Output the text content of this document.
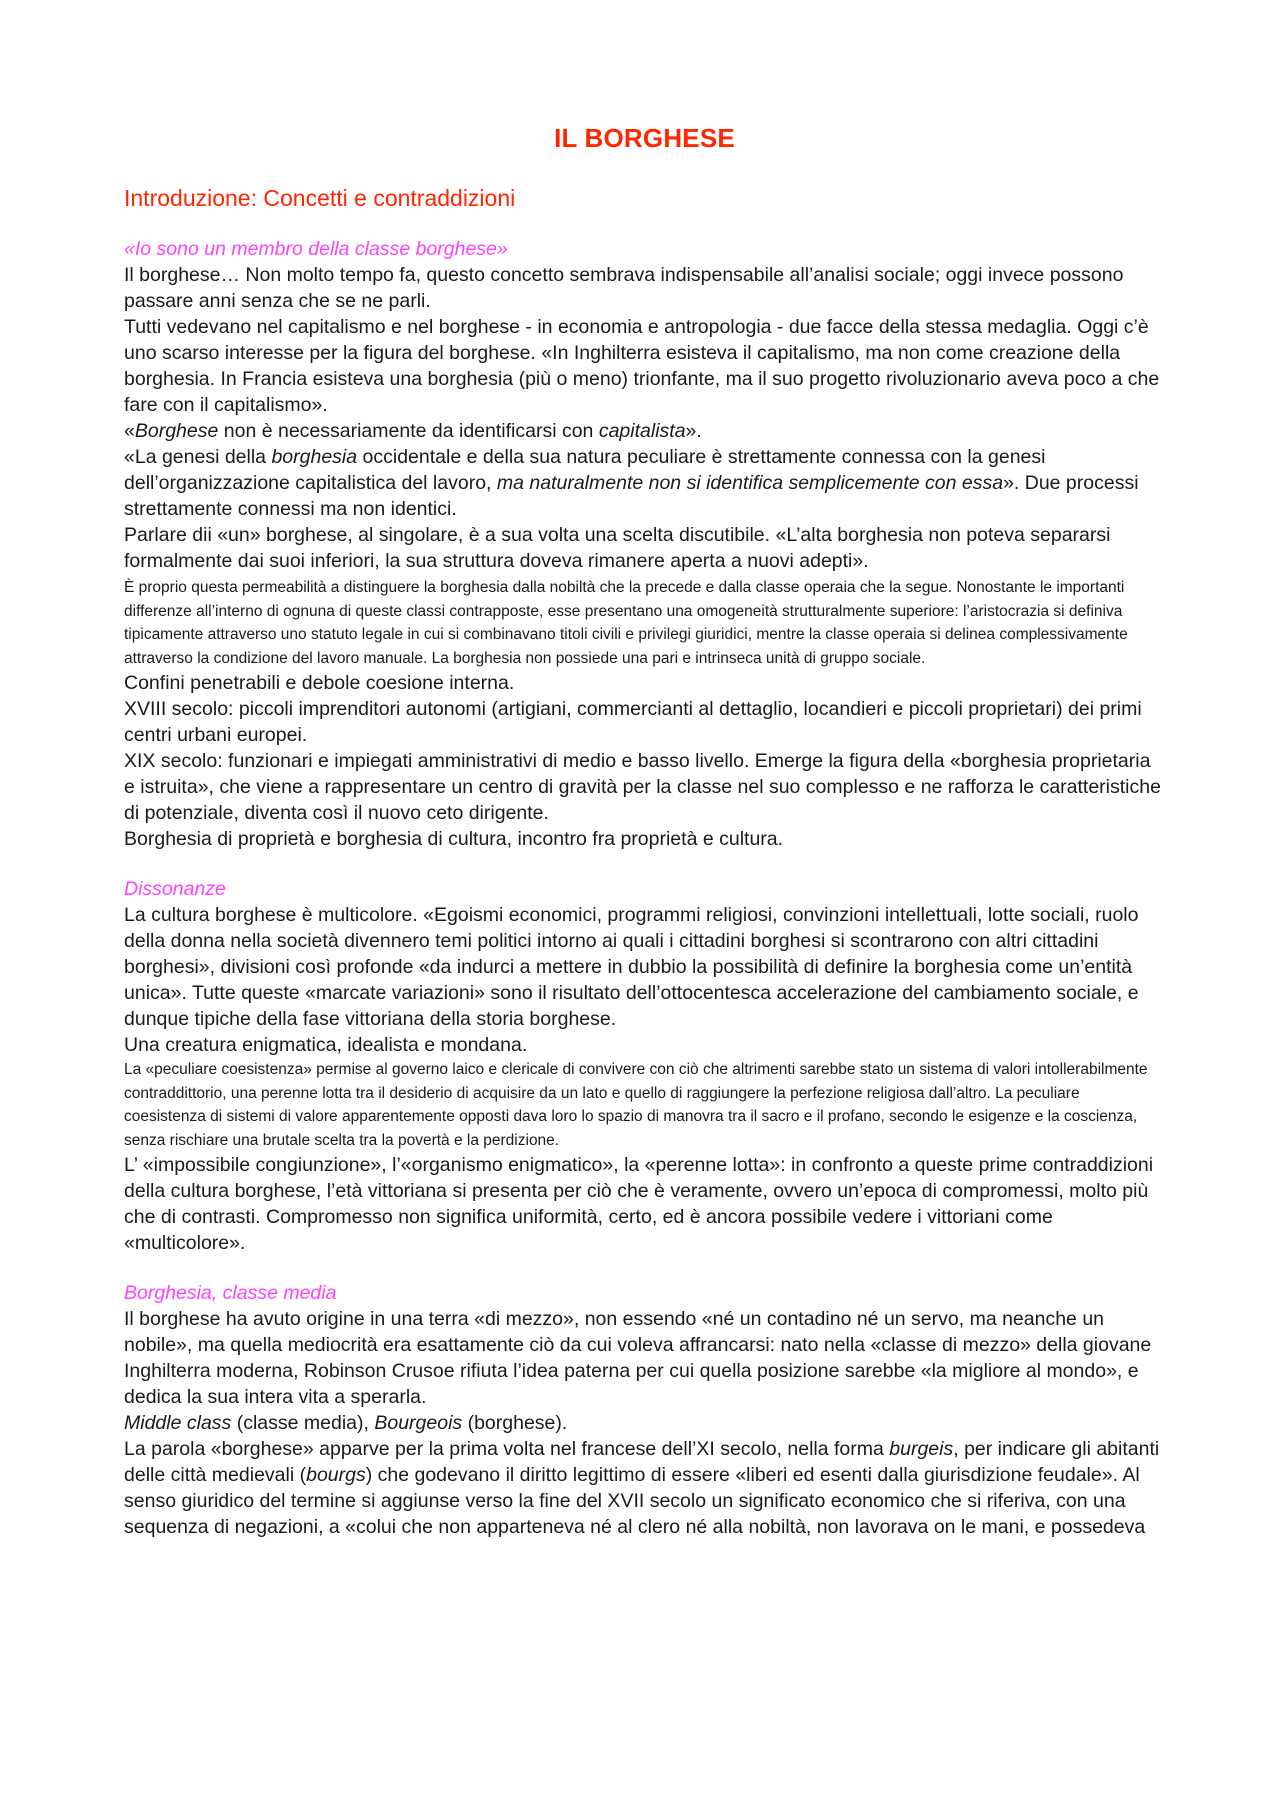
IL BORGHESE
Introduzione: Concetti e contraddizioni
«Io sono un membro della classe borghese»

Il borghese… Non molto tempo fa, questo concetto sembrava indispensabile all’analisi sociale; oggi invece possono passare anni senza che se ne parli.

Tutti vedevano nel capitalismo e nel borghese - in economia e antropologia - due facce della stessa medaglia. Oggi c’è uno scarso interesse per la figura del borghese. «In Inghilterra esisteva il capitalismo, ma non come creazione della borghesia. In Francia esisteva una borghesia (più o meno) trionfante, ma il suo progetto rivoluzionario aveva poco a che fare con il capitalismo».

«Borghese non è necessariamente da identificarsi con capitalista».

«La genesi della borghesia occidentale e della sua natura peculiare è strettamente connessa con la genesi dell’organizzazione capitalistica del lavoro, ma naturalmente non si identifica semplicemente con essa». Due processi strettamente connessi ma non identici.

Parlare dii «un» borghese, al singolare, è a sua volta una scelta discutibile. «L’alta borghesia non poteva separarsi formalmente dai suoi inferiori, la sua struttura doveva rimanere aperta a nuovi adepti».

È proprio questa permeabilità a distinguere la borghesia dalla nobiltà che la precede e dalla classe operaia che la segue. Nonostante le importanti differenze all’interno di ognuna di queste classi contrapposte, esse presentano una omogeneità strutturalmente superiore: l’aristocrazia si definiva tipicamente attraverso uno statuto legale in cui si combinavano titoli civili e privilegi giuridici, mentre la classe operaia si delinea complessivamente attraverso la condizione del lavoro manuale. La borghesia non possiede una pari e intrinseca unità di gruppo sociale.

Confini penetrabili e debole coesione interna.

XVIII secolo: piccoli imprenditori autonomi (artigiani, commercianti al dettaglio, locandieri e piccoli proprietari) dei primi centri urbani europei.

XIX secolo: funzionari e impiegati amministrativi di medio e basso livello. Emerge la figura della «borghesia proprietaria e istruita», che viene a rappresentare un centro di gravità per la classe nel suo complesso e ne rafforza le caratteristiche di potenziale, diventa così il nuovo ceto dirigente.

Borghesia di proprietà e borghesia di cultura, incontro fra proprietà e cultura.

Dissonanze

La cultura borghese è multicolore. «Egoismi economici, programmi religiosi, convinzioni intellettuali, lotte sociali, ruolo della donna nella società divennero temi politici intorno ai quali i cittadini borghesi si scontrarono con altri cittadini borghesi», divisioni così profonde «da indurci a mettere in dubbio la possibilità di definire la borghesia come un’entità unica». Tutte queste «marcate variazioni» sono il risultato dell’ottocentesca accelerazione del cambiamento sociale, e dunque tipiche della fase vittoriana della storia borghese.

Una creatura enigmatica, idealista e mondana.

La «peculiare coesistenza» permise al governo laico e clericale di convivere con ciò che altrimenti sarebbe stato un sistema di valori intollerabilmente contraddittorio, una perenne lotta tra il desiderio di acquisire da un lato e quello di raggiungere la perfezione religiosa dall’altro. La peculiare coesistenza di sistemi di valore apparentemente opposti dava loro lo spazio di manovra tra il sacro e il profano, secondo le esigenze e la coscienza, senza rischiare una brutale scelta tra la povertà e la perdizione.

L’ «impossibile congiunzione», l’«organismo enigmatico», la «perenne lotta»: in confronto a queste prime contraddizioni della cultura borghese, l’età vittoriana si presenta per ciò che è veramente, ovvero un’epoca di compromessi, molto più che di contrasti. Compromesso non significa uniformità, certo, ed è ancora possibile vedere i vittoriani come «multicolore».

Borghesia, classe media

Il borghese ha avuto origine in una terra «di mezzo», non essendo «né un contadino né un servo, ma neanche un nobile», ma quella mediocrità era esattamente ciò da cui voleva affrancarsi: nato nella «classe di mezzo» della giovane Inghilterra moderna, Robinson Crusoe rifiuta l’idea paterna per cui quella posizione sarebbe «la migliore al mondo», e dedica la sua intera vita a sperarla.

Middle class (classe media), Bourgeois (borghese).

La parola «borghese» apparve per la prima volta nel francese dell’XI secolo, nella forma burgeis, per indicare gli abitanti delle città medievali (bourgs) che godevano il diritto legittimo di essere «liberi ed esenti dalla giurisdizione feudale». Al senso giuridico del termine si aggiunse verso la fine del XVII secolo un significato economico che si riferiva, con una sequenza di negazioni, a «colui che non apparteneva né al clero né alla nobiltà, non lavorava on le mani, e possedeva
